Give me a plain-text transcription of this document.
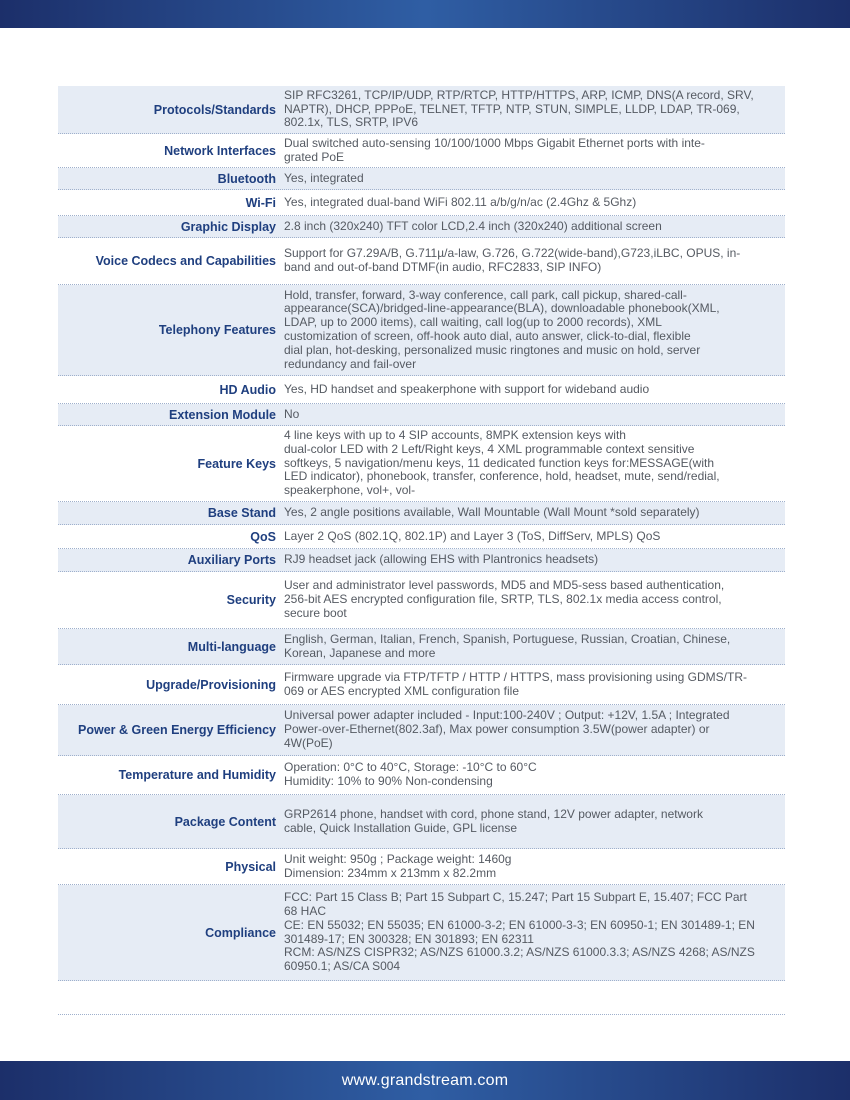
Protocols/Standards
SIP RFC3261, TCP/IP/UDP, RTP/RTCP, HTTP/HTTPS, ARP, ICMP, DNS(A record, SRV,
NAPTR), DHCP, PPPoE, TELNET, TFTP, NTP, STUN, SIMPLE, LLDP, LDAP, TR-069,
802.1x, TLS, SRTP, IPV6
Network Interfaces
Dual switched auto-sensing 10/100/1000 Mbps Gigabit Ethernet ports with inte-
grated PoE
Bluetooth Yes, integrated
Wi-Fi Yes, integrated dual-band WiFi 802.11 a/b/g/n/ac (2.4Ghz & 5Ghz)
Graphic Display 2.8 inch (320x240) TFT color LCD,2.4 inch (320x240) additional screen
Voice Codecs and Capabilities
Support for G7.29A/B, G.711µ/a-law, G.726, G.722(wide-band),G723,iLBC, OPUS, in-
band and out-of-band DTMF(in audio, RFC2833, SIP INFO)
Telephony Features
Hold, transfer, forward, 3-way conference, call park, call pickup, shared-call-
appearance(SCA)/bridged-line-appearance(BLA), downloadable phonebook(XML,
LDAP, up to 2000 items), call waiting, call log(up to 2000 records), XML
customization of screen, off-hook auto dial, auto answer, click-to-dial, flexible
dial plan, hot-desking, personalized music ringtones and music on hold, server
redundancy and fail-over
HD Audio Yes, HD handset and speakerphone with support for wideband audio
Extension Module No
Feature Keys
4 line keys with up to 4 SIP accounts, 8MPK extension keys with
dual-color LED with 2 Left/Right keys, 4 XML programmable context sensitive
softkeys, 5 navigation/menu keys, 11 dedicated function keys for:MESSAGE(with
LED indicator), phonebook, transfer, conference, hold, headset, mute, send/redial,
speakerphone, vol+, vol-
Base Stand Yes, 2 angle positions available, Wall Mountable (Wall Mount *sold separately)
QoS Layer 2 QoS (802.1Q, 802.1P) and Layer 3 (ToS, DiffServ, MPLS) QoS
Auxiliary Ports RJ9 headset jack (allowing EHS with Plantronics headsets)
Security
User and administrator level passwords, MD5 and MD5-sess based authentication,
256-bit AES encrypted configuration file, SRTP, TLS, 802.1x media access control,
secure boot
Multi-language
English, German, Italian, French, Spanish, Portuguese, Russian, Croatian, Chinese,
Korean, Japanese and more
Upgrade/Provisioning
Firmware upgrade via FTP/TFTP / HTTP / HTTPS, mass provisioning using GDMS/TR-
069 or AES encrypted XML configuration file
Power & Green Energy Efficiency
Universal power adapter included - Input:100-240V ; Output: +12V, 1.5A ; Integrated
Power-over-Ethernet(802.3af), Max power consumption 3.5W(power adapter) or
4W(PoE)
Temperature and Humidity
Operation: 0°C to 40°C, Storage: -10°C to 60°C
Humidity: 10% to 90% Non-condensing
Package Content
GRP2614 phone, handset with cord, phone stand, 12V power adapter, network
cable, Quick Installation Guide, GPL license
Physical
Unit weight: 950g ; Package weight: 1460g
Dimension: 234mm x 213mm x 82.2mm
Compliance
FCC: Part 15 Class B; Part 15 Subpart C, 15.247; Part 15 Subpart E, 15.407; FCC Part
68 HAC
CE: EN 55032; EN 55035; EN 61000-3-2; EN 61000-3-3; EN 60950-1; EN 301489-1; EN
301489-17; EN 300328; EN 301893; EN 62311
RCM: AS/NZS CISPR32; AS/NZS 61000.3.2; AS/NZS 61000.3.3; AS/NZS 4268; AS/NZS
60950.1; AS/CA S004
www.grandstream.com
